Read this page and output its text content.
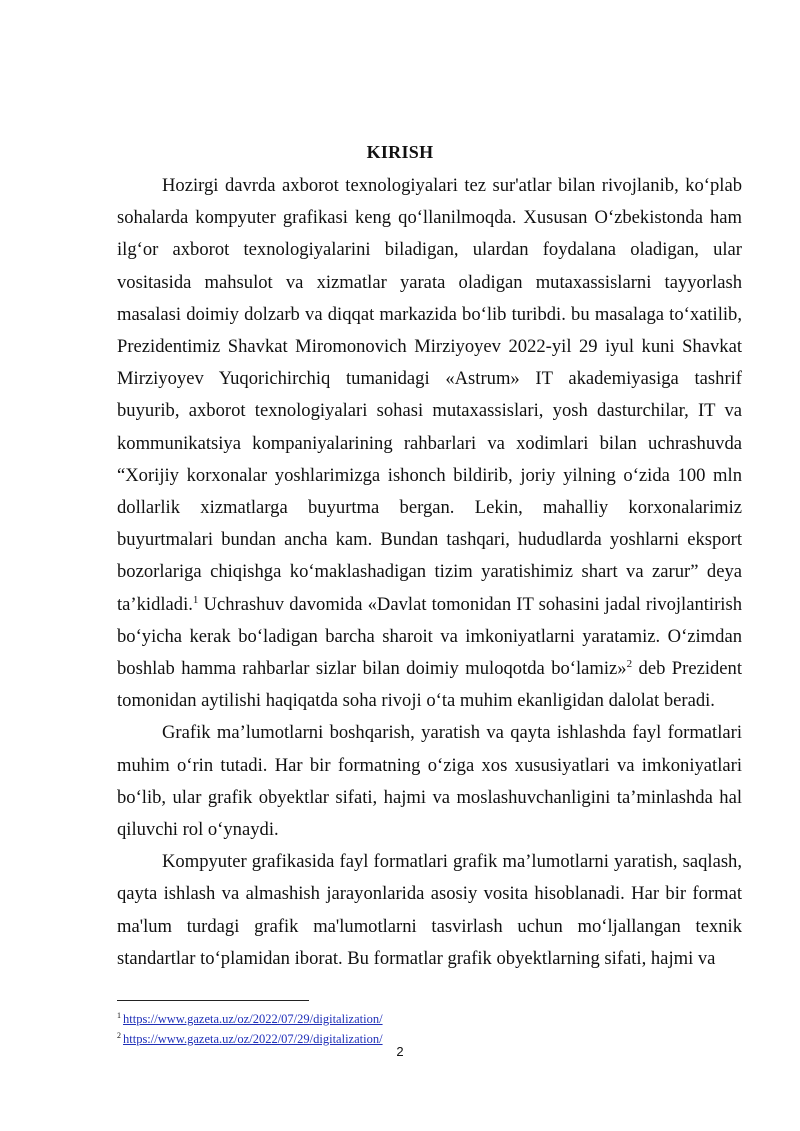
KIRISH

Hozirgi davrda axborot texnologiyalari tez sur'atlar bilan rivojlanib, ko‘plab sohalarda kompyuter grafikasi keng qo‘llanilmoqda. Xususan O‘zbekistonda ham ilg‘or axborot texnologiyalarini biladigan, ulardan foydalana oladigan, ular vositasida mahsulot va xizmatlar yarata oladigan mutaxassislarni tayyorlash masalasi doimiy dolzarb va diqqat markazida bo‘lib turibdi. bu masalaga to‘xatilib, Prezidentimiz Shavkat Miromonovich Mirziyoyev 2022-yil 29 iyul kuni Shavkat Mirziyoyev Yuqorichirchiq tumanidagi «Astrum» IT akademiyasiga tashrif buyurib, axborot texnologiyalari sohasi mutaxassislari, yosh dasturchilar, IT va kommunikatsiya kompaniyalarining rahbarlari va xodimlari bilan uchrashuvda “Xorijiy korxonalar yoshlarimizga ishonch bildirib, joriy yilning o‘zida 100 mln dollarlik xizmatlarga buyurtma bergan. Lekin, mahalliy korxonalarimiz buyurtmalari bundan ancha kam. Bundan tashqari, hududlarda yoshlarni eksport bozorlariga chiqishga ko‘maklashadigan tizim yaratishimiz shart va zarur” deya ta’kidladi.$^1$ Uchrashuv davomida «Davlat tomonidan IT sohasini jadal rivojlantirish bo‘yicha kerak bo‘ladigan barcha sharoit va imkoniyatlarni yaratamiz. O‘zimdan boshlab hamma rahbarlar sizlar bilan doimiy muloqotda bo‘lamiz»$^2$ deb Prezident tomonidan aytilishi haqiqatda soha rivoji o‘ta muhim ekanligidan dalolat beradi.

Grafik ma’lumotlarni boshqarish, yaratish va qayta ishlashda fayl formatlari muhim o‘rin tutadi. Har bir formatning o‘ziga xos xususiyatlari va imkoniyatlari bo‘lib, ular grafik obyektlar sifati, hajmi va moslashuvchanligini ta’minlashda hal qiluvchi rol o‘ynaydi.

Kompyuter grafikasida fayl formatlari grafik ma’lumotlarni yaratish, saqlash, qayta ishlash va almashish jarayonlarida asosiy vosita hisoblanadi. Har bir format ma'lum turdagi grafik ma'lumotlarni tasvirlash uchun mo‘ljallangan texnik standartlar to‘plamidan iborat. Bu formatlar grafik obyektlarning sifati, hajmi va

$^1$ https://www.gazeta.uz/oz/2022/07/29/digitalization/
$^2$ https://www.gazeta.uz/oz/2022/07/29/digitalization/
2
